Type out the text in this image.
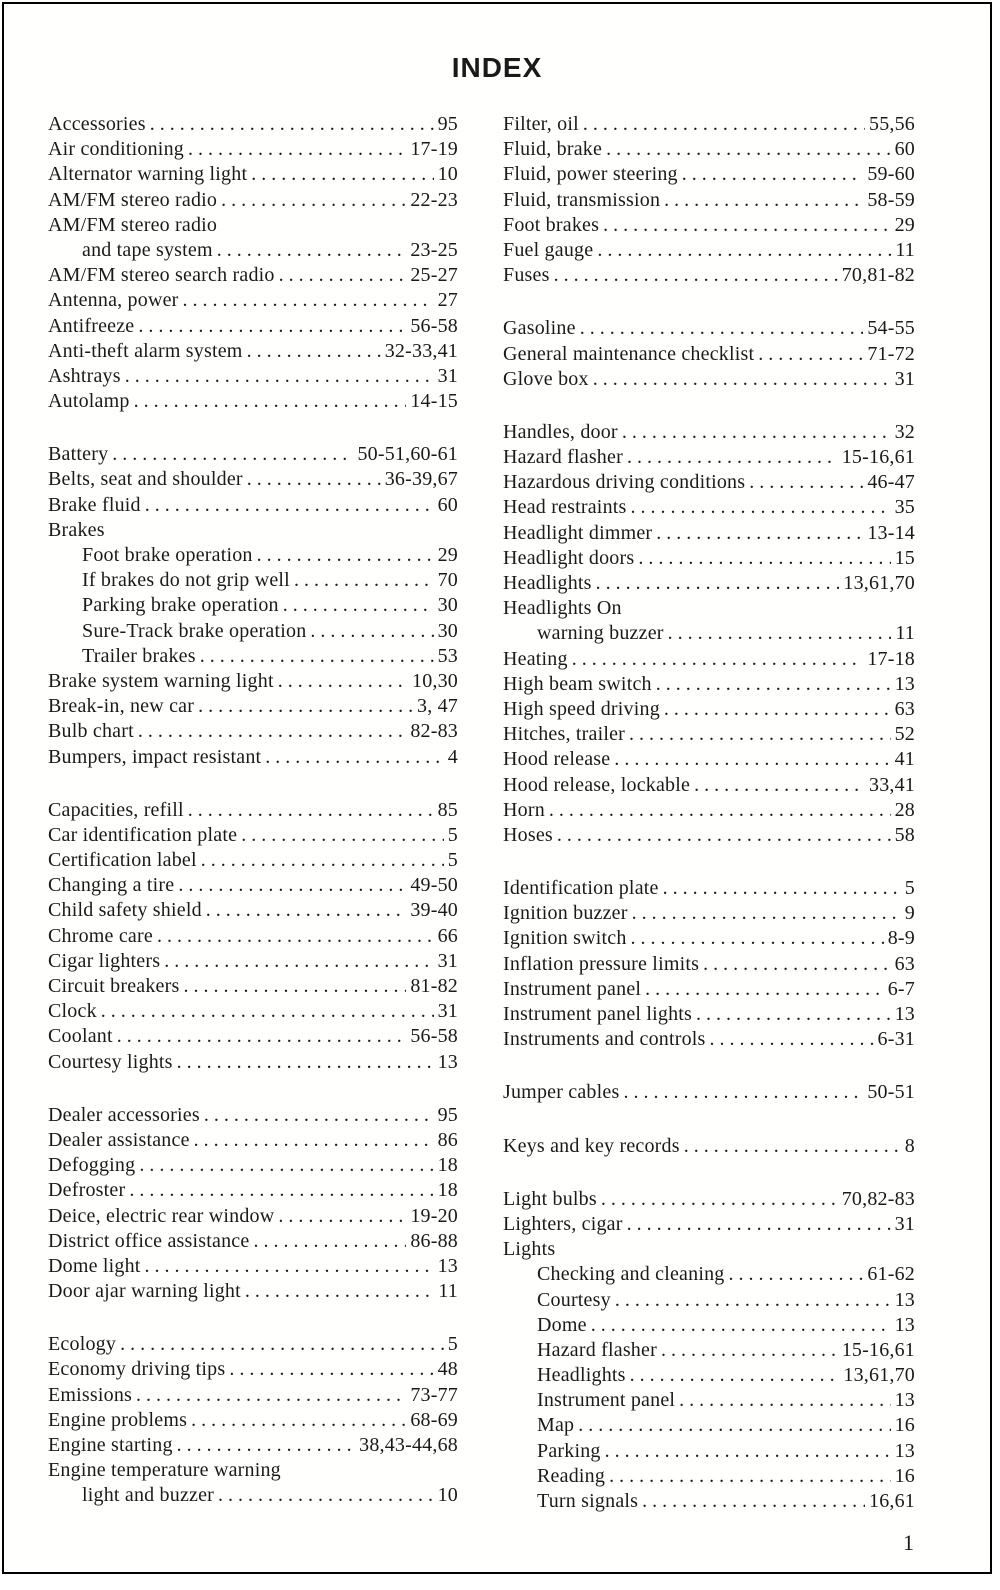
INDEX
Accessories . . .	95
Air conditioning . . .	17-19
Alternator warning light . . .	10
AM/FM stereo radio . . .	22-23
AM/FM stereo radio
and tape system . . .	23-25
AM/FM stereo search radio . . .	25-27
Antenna, power . . .	27
Antifreeze . . .	56-58
Anti-theft alarm system . . .	32-33,41
Ashtrays . . .	31
Autolamp . . .	14-15
Battery . . .	50-51,60-61
Belts, seat and shoulder . . .	36-39,67
Brake fluid . . .	60
Brakes
Foot brake operation . . .	29
If brakes do not grip well . . .	70
Parking brake operation . . .	30
Sure-Track brake operation . . .	30
Trailer brakes . . .	53
Brake system warning light . . .	10,30
Break-in, new car . . .	3, 47
Bulb chart . . .	82-83
Bumpers, impact resistant . . .	4
Capacities, refill . . .	85
Car identification plate . . .	5
Certification label . . .	5
Changing a tire . . .	49-50
Child safety shield . . .	39-40
Chrome care . . .	66
Cigar lighters . . .	31
Circuit breakers . . .	81-82
Clock . . .	31
Coolant . . .	56-58
Courtesy lights . . .	13
Dealer accessories . . .	95
Dealer assistance . . .	86
Defogging . . .	18
Defroster . . .	18
Deice, electric rear window . . .	19-20
District office assistance . . .	86-88
Dome light . . .	13
Door ajar warning light . . .	11
Ecology . . .	5
Economy driving tips . . .	48
Emissions . . .	73-77
Engine problems . . .	68-69
Engine starting . . .	38,43-44,68
Engine temperature warning
light and buzzer . . .	10
Filter, oil . . .	55,56
Fluid, brake . . .	60
Fluid, power steering . . .	59-60
Fluid, transmission . . .	58-59
Foot brakes . . .	29
Fuel gauge . . .	11
Fuses . . .	70,81-82
Gasoline . . .	54-55
General maintenance checklist . . .	71-72
Glove box . . .	31
Handles, door . . .	32
Hazard flasher . . .	15-16,61
Hazardous driving conditions . . .	46-47
Head restraints . . .	35
Headlight dimmer . . .	13-14
Headlight doors . . .	15
Headlights . . .	13,61,70
Headlights On
warning buzzer . . .	11
Heating . . .	17-18
High beam switch . . .	13
High speed driving . . .	63
Hitches, trailer . . .	52
Hood release . . .	41
Hood release, lockable . . .	33,41
Horn . . .	28
Hoses . . .	58
Identification plate . . .	5
Ignition buzzer . . .	9
Ignition switch . . .	8-9
Inflation pressure limits . . .	63
Instrument panel . . .	6-7
Instrument panel lights . . .	13
Instruments and controls . . .	6-31
Jumper cables . . .	50-51
Keys and key records . . .	8
Light bulbs . . .	70,82-83
Lighters, cigar . . .	31
Lights
Checking and cleaning . . .	61-62
Courtesy . . .	13
Dome . . .	13
Hazard flasher . . .	15-16,61
Headlights . . .	13,61,70
Instrument panel . . .	13
Map . . .	16
Parking . . .	13
Reading . . .	16
Turn signals . . .	16,61
1
